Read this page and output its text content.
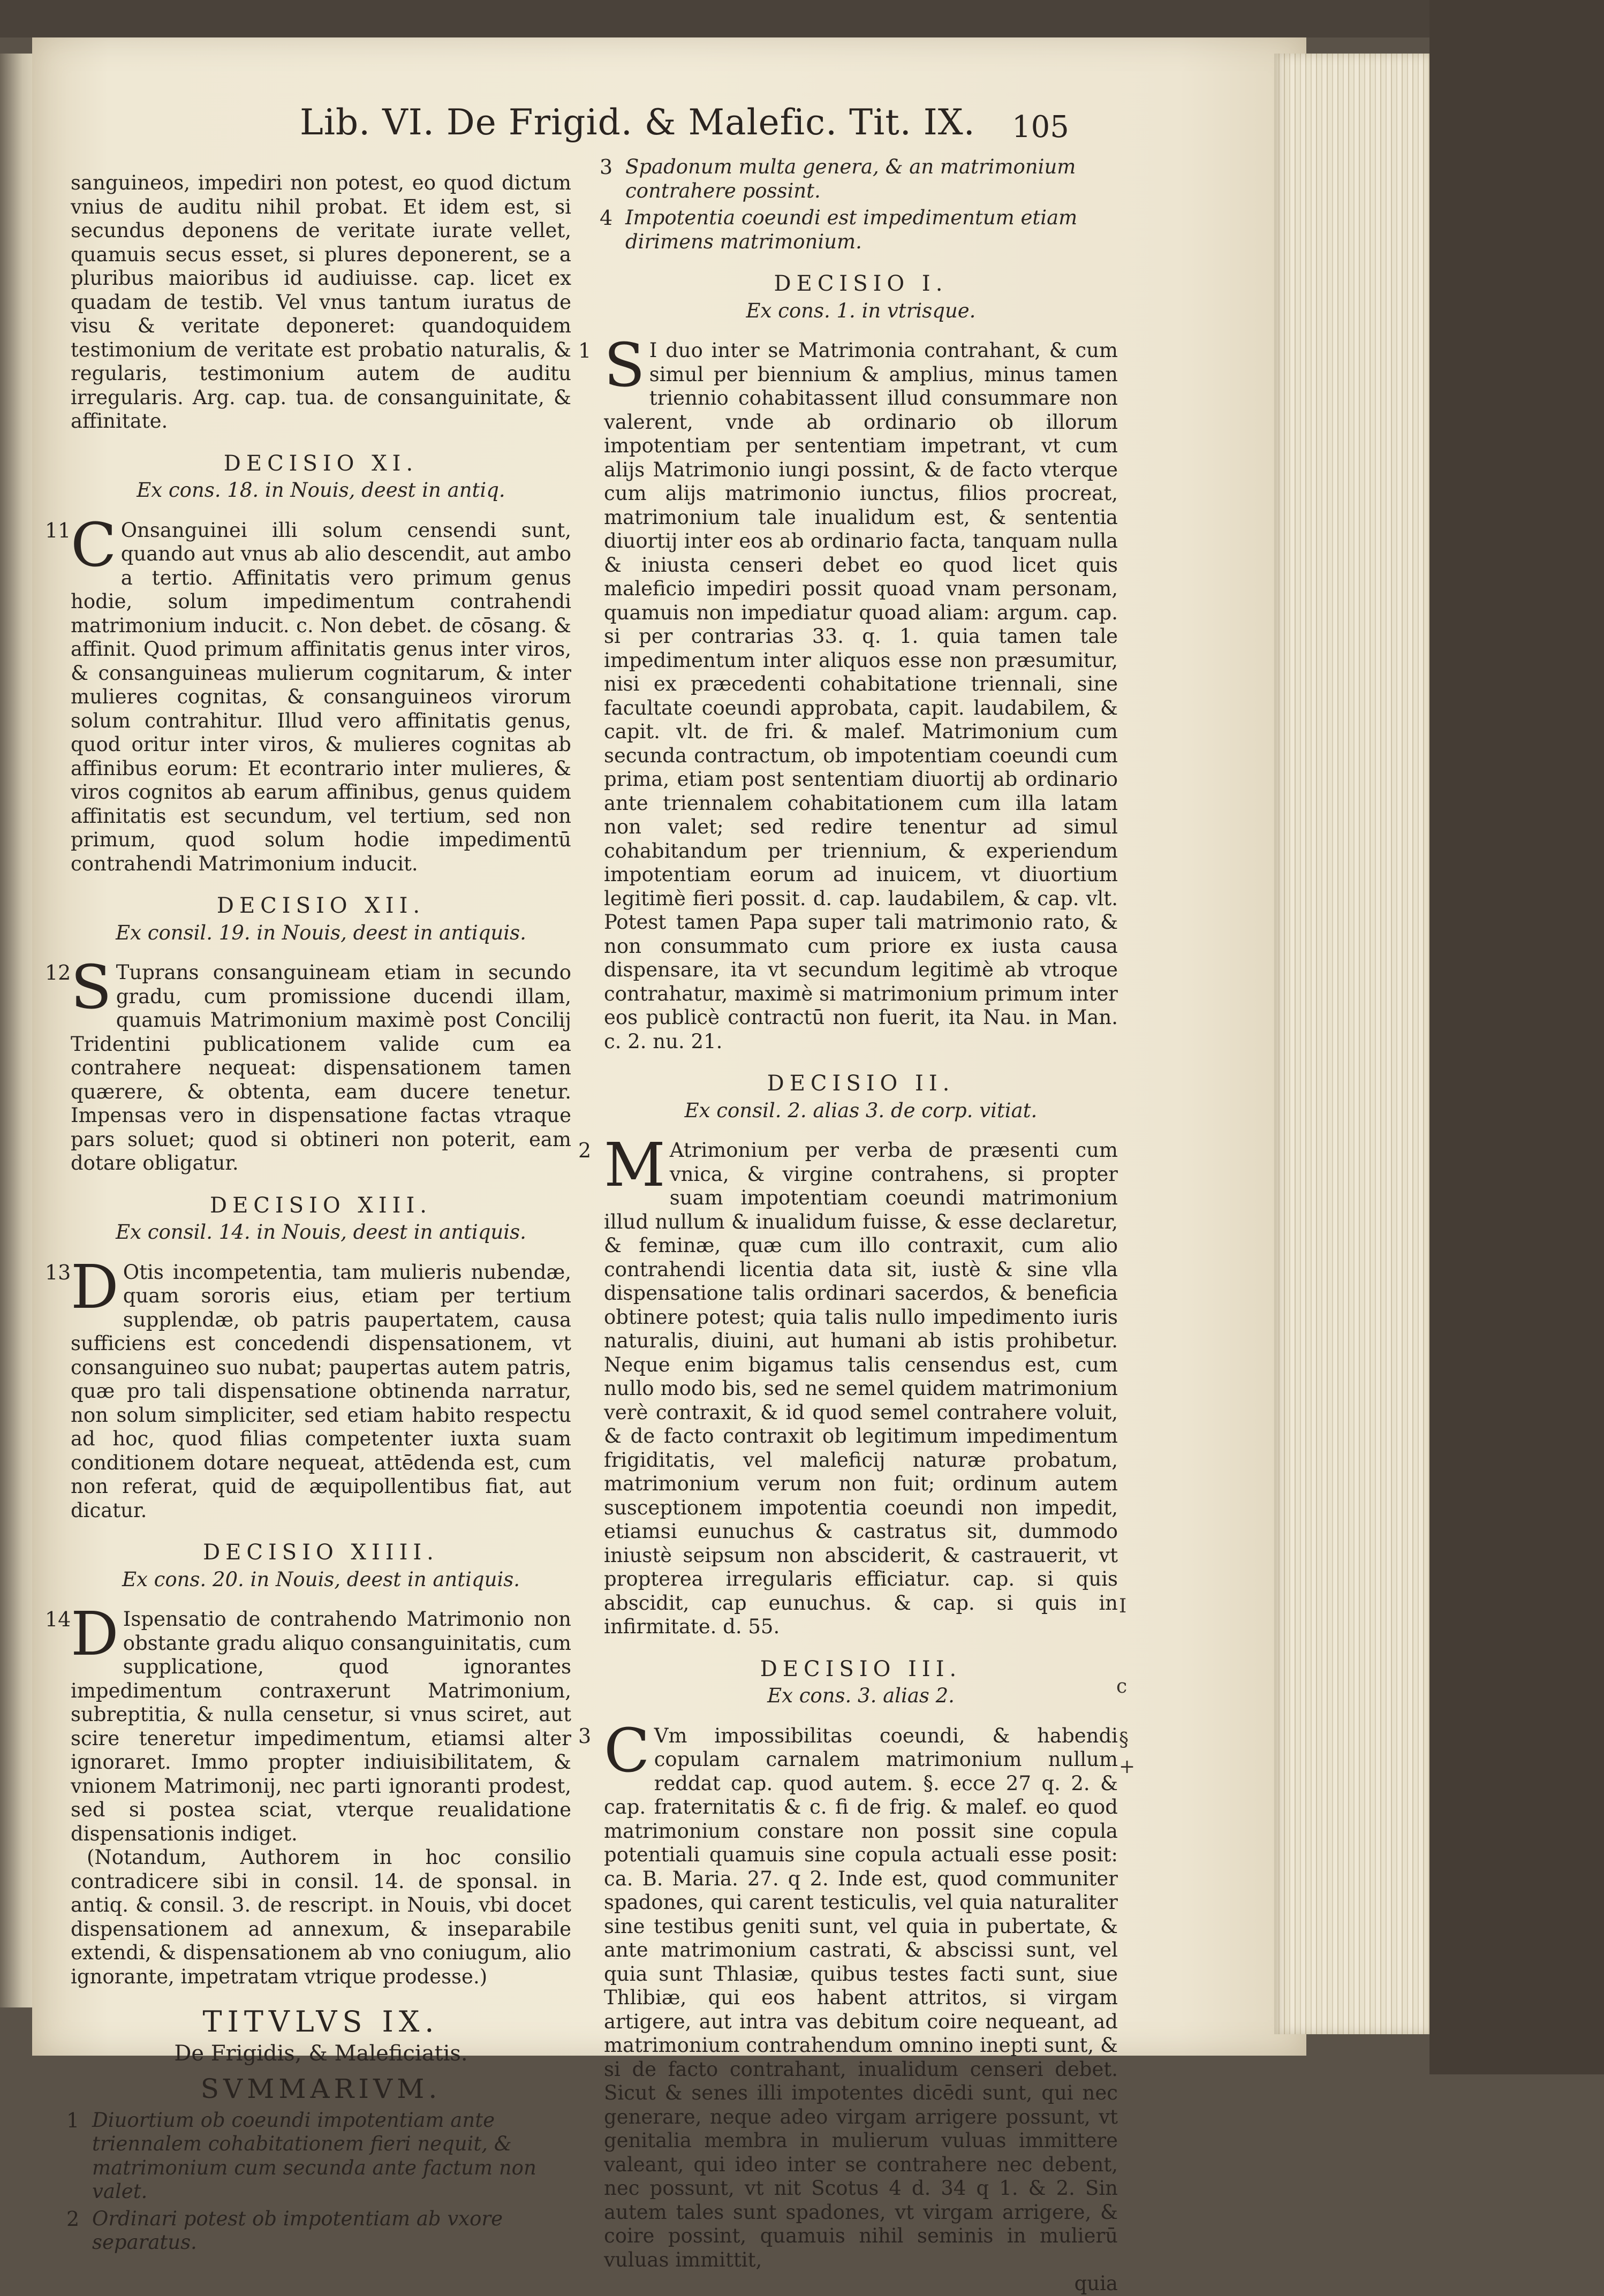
Lib. VI. De Frigid. & Malefic. Tit. IX. 105

sanguineos, impediri non potest, eo quod dictum vnius de auditu nihil probat. Et idem est, si secundus deponens de veritate iurate vellet, quamuis secus esset, si plures deponerent, se a pluribus maioribus id audiuisse. cap. licet ex quadam de testib. Vel vnus tantum iuratus de visu & veritate deponeret: quandoquidem testimonium de veritate est probatio naturalis, & regularis, testimonium autem de auditu irregularis. Arg. cap. tua. de consanguinitate, & affinitate.

DECISIO XI.
Ex cons. 18. in Nouis, deest in antiq.

11 C Onsanguinei illi solum censendi sunt, quando aut vnus ab alio descendit, aut ambo a tertio. Affinitatis vero primum genus hodie, solum impedimentum contrahendi matrimonium inducit. c. Non debet. de cōsang. & affinit. Quod primum affinitatis genus inter viros, & consanguineas mulierum cognitarum, & inter mulieres cognitas, & consanguineos virorum solum contrahitur. Illud vero affinitatis genus, quod oritur inter viros, & mulieres cognitas ab affinibus eorum: Et econtrario inter mulieres, & viros cognitos ab earum affinibus, genus quidem affinitatis est secundum, vel tertium, sed non primum, quod solum hodie impedimentū contrahendi Matrimonium inducit.

DECISIO XII.
Ex consil. 19. in Nouis, deest in antiquis.

12 S Tuprans consanguineam etiam in secundo gradu, cum promissione ducendi illam, quamuis Matrimonium maximè post Concilij Tridentini publicationem valide cum ea contrahere nequeat: dispensationem tamen quærere, & obtenta, eam ducere tenetur. Impensas vero in dispensatione factas vtraque pars soluet; quod si obtineri non poterit, eam dotare obligatur.

DECISIO XIII.
Ex consil. 14. in Nouis, deest in antiquis.

13 D Otis incompetentia, tam mulieris nubendæ, quam sororis eius, etiam per tertium supplendæ, ob patris paupertatem, causa sufficiens est concedendi dispensationem, vt consanguineo suo nubat; paupertas autem patris, quæ pro tali dispensatione obtinenda narratur, non solum simpliciter, sed etiam habito respectu ad hoc, quod filias competenter iuxta suam conditionem dotare nequeat, attēdenda est, cum non referat, quid de æquipollentibus fiat, aut dicatur.

DECISIO XIIII.
Ex cons. 20. in Nouis, deest in antiquis.

14 D Ispensatio de contrahendo Matrimonio non obstante gradu aliquo consanguinitatis, cum supplicatione, quod ignorantes impedimentum contraxerunt Matrimonium, subreptitia, & nulla censetur, si vnus sciret, aut scire teneretur impedimentum, etiamsi alter ignoraret. Immo propter indiuisibilitatem, & vnionem Matrimonij, nec parti ignoranti prodest, sed si postea sciat, vterque reualidatione dispensationis indiget.

(Notandum, Authorem in hoc consilio contradicere sibi in consil. 14. de sponsal. in antiq. & consil. 3. de rescript. in Nouis, vbi docet dispensationem ad annexum, & inseparabile extendi, & dispensationem ab vno coniugum, alio ignorante, impetratam vtrique prodesse.)

TITVLVS IX.
De Frigidis, & Maleficiatis.
SVMMARIVM.

1 Diuortium ob coeundi impotentiam ante triennalem cohabitationem fieri nequit, & matrimonium cum secunda ante factum non valet.

2 Ordinari potest ob impotentiam ab vxore separatus.

3 Spadonum multa genera, & an matrimonium contrahere possint.

4 Impotentia coeundi est impedimentum etiam dirimens matrimonium.

DECISIO I.
Ex cons. 1. in vtrisque.

1 S I duo inter se Matrimonia contrahant, & cum simul per biennium & amplius, minus tamen triennio cohabitassent illud consummare non valerent, vnde ab ordinario ob illorum impotentiam per sententiam impetrant, vt cum alijs Matrimonio iungi possint, & de facto vterque cum alijs matrimonio iunctus, filios procreat, matrimonium tale inualidum est, & sententia diuortij inter eos ab ordinario facta, tanquam nulla & iniusta censeri debet eo quod licet quis maleficio impediri possit quoad vnam personam, quamuis non impediatur quoad aliam: argum. cap. si per contrarias 33. q. 1. quia tamen tale impedimentum inter aliquos esse non præsumitur, nisi ex præcedenti cohabitatione triennali, sine facultate coeundi approbata, capit. laudabilem, & capit. vlt. de fri. & malef. Matrimonium cum secunda contractum, ob impotentiam coeundi cum prima, etiam post sententiam diuortij ab ordinario ante triennalem cohabitationem cum illa latam non valet; sed redire tenentur ad simul cohabitandum per triennium, & experiendum impotentiam eorum ad inuicem, vt diuortium legitimè fieri possit. d. cap. laudabilem, & cap. vlt. Potest tamen Papa super tali matrimonio rato, & non consummato cum priore ex iusta causa dispensare, ita vt secundum legitimè ab vtroque contrahatur, maximè si matrimonium primum inter eos publicè contractū non fuerit, ita Nau. in Man. c. 2. nu. 21.

DECISIO II.
Ex consil. 2. alias 3. de corp. vitiat.

2 M Atrimonium per verba de præsenti cum vnica, & virgine contrahens, si propter suam impotentiam coeundi matrimonium illud nullum & inualidum fuisse, & esse declaretur, & feminæ, quæ cum illo contraxit, cum alio contrahendi licentia data sit, iustè & sine vlla dispensatione talis ordinari sacerdos, & beneficia obtinere potest; quia talis nullo impedimento iuris naturalis, diuini, aut humani ab istis prohibetur. Neque enim bigamus talis censendus est, cum nullo modo bis, sed ne semel quidem matrimonium verè contraxit, & id quod semel contrahere voluit, & de facto contraxit ob legitimum impedimentum frigiditatis, vel maleficij naturæ probatum, matrimonium verum non fuit; ordinum autem susceptionem impotentia coeundi non impedit, etiamsi eunuchus & castratus sit, dummodo iniustè seipsum non absciderit, & castrauerit, vt propterea irregularis efficiatur. cap. si quis abscidit, cap eunuchus. & cap. si quis in infirmitate. d. 55.

DECISIO III.
Ex cons. 3. alias 2.

3 C Vm impossibilitas coeundi, & habendi copulam carnalem matrimonium nullum reddat cap. quod autem. §. ecce 27 q. 2. & cap. fraternitatis & c. fi de frig. & malef. eo quod matrimonium constare non possit sine copula potentiali quamuis sine copula actuali esse posit: ca. B. Maria. 27. q 2. Inde est, quod communiter spadones, qui carent testiculis, vel quia naturaliter sine testibus geniti sunt, vel quia in pubertate, & ante matrimonium castrati, & abscissi sunt, vel quia sunt Thlasiæ, quibus testes facti sunt, siue Thlibiæ, qui eos habent attritos, si virgam artigere, aut intra vas debitum coire nequeant, ad matrimonium contrahendum omnino inepti sunt, & si de facto contrahant, inualidum censeri debet. Sicut & senes illi impotentes dicēdi sunt, qui nec generare, neque adeo virgam arrigere possunt, vt genitalia membra in mulierum vuluas immittere valeant, qui ideo inter se contrahere nec debent, nec possunt, vt nit Scotus 4 d. 34 q 1. & 2. Sin autem tales sunt spadones, vt virgam arrigere, & coire possint, quamuis nihil seminis in mulierū vuluas immittit,

quia
I
c
§
+
